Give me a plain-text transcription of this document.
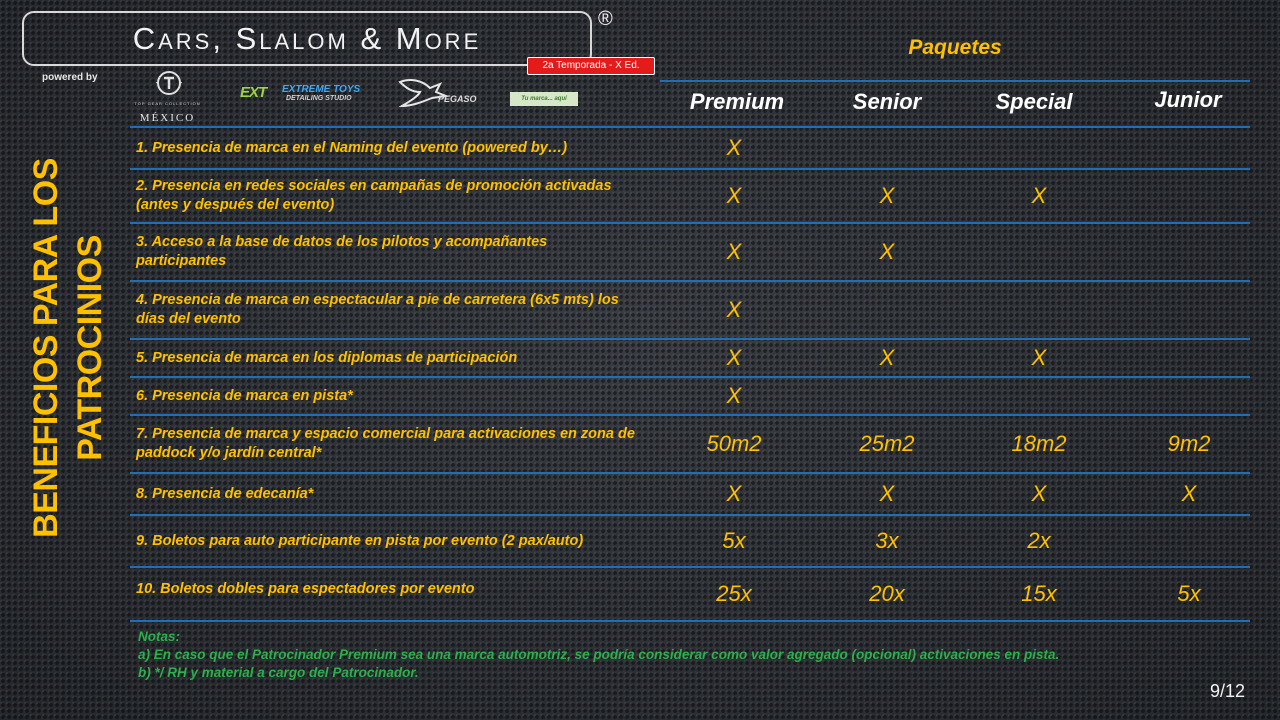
Cars, Slalom & More
®
2a Temporada - X Ed.
powered by
TOP GEAR COLLECTION
MÉXICO
EXT EXTREME TOYS
DETAILING STUDIO	PEGASO	Tu marca... aquí
BENEFICIOS PARA LOS PATROCINIOS
Paquetes
Premium	Senior	Special	Junior
1. Presencia de marca en el Naming del evento (powered by…)	X
2. Presencia en redes sociales en campañas de promoción activadas (antes y después del evento)	X	X	X
3. Acceso a la base de datos de los pilotos y acompañantes participantes	X	X
4. Presencia de marca en espectacular a pie de carretera (6x5 mts) los días del evento	X
5. Presencia de marca en los diplomas de participación	X	X	X
6. Presencia de marca en pista*	X
7. Presencia de marca y espacio comercial para activaciones en zona de paddock y/o jardín central*	50m2	25m2	18m2	9m2
8. Presencia de edecanía*	X	X	X	X
9. Boletos para auto participante en pista por evento (2 pax/auto)	5x	3x	2x
10. Boletos dobles para espectadores por evento	25x	20x	15x	5x
Notas:
a) En caso que el Patrocinador Premium sea una marca automotriz, se podría considerar como valor agregado (opcional) activaciones en pista.
b) */ RH y material a cargo del Patrocinador.
9/12
